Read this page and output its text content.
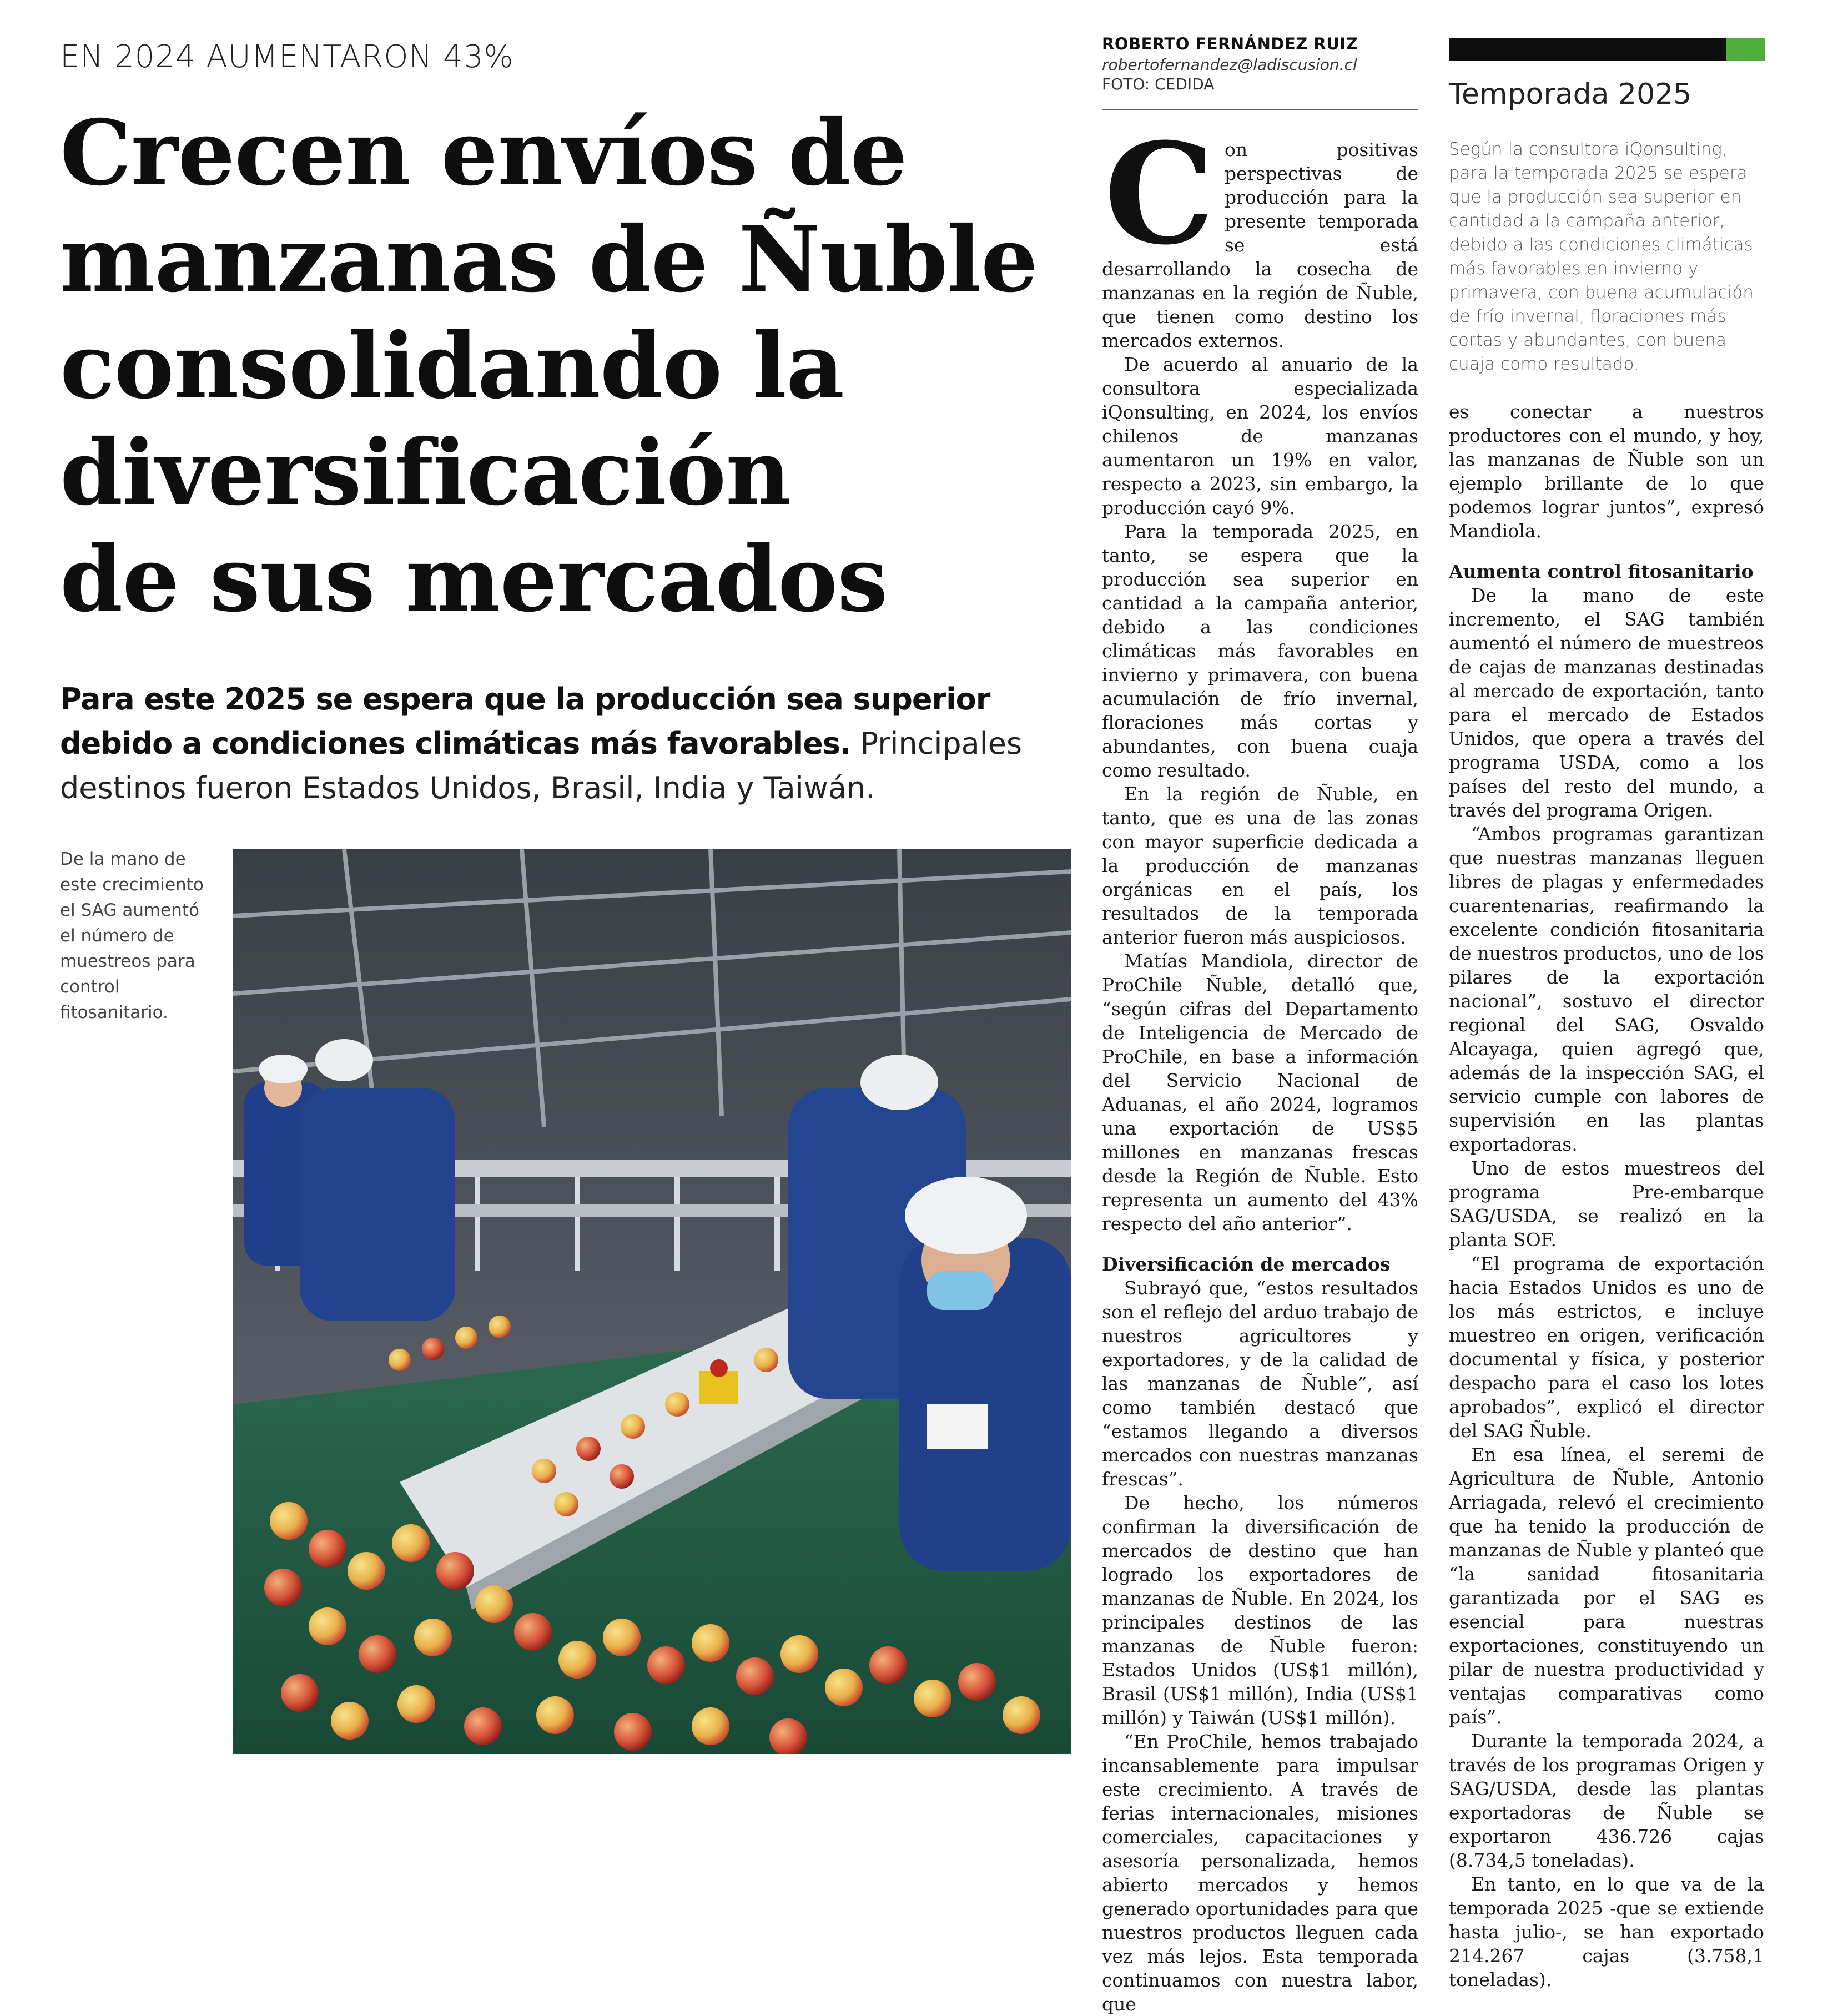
EN 2024 AUMENTARON 43%
Crecen envíos de
manzanas de Ñuble
consolidando la
diversificación
de sus mercados
Para este 2025 se espera que la producción sea superior debido a condiciones climáticas más favorables. Principales destinos fueron Estados Unidos, Brasil, India y Taiwán.
De la mano de este crecimiento el SAG aumentó el número de muestreos para control fitosanitario.
ROBERTO FERNÁNDEZ RUIZ
robertofernandez@ladiscusion.cl
FOTO: CEDIDA
C on positivas perspectivas de producción para la presente temporada se está desarrollando la cosecha de manzanas en la región de Ñuble, que tienen como destino los mercados externos.

De acuerdo al anuario de la consultora especializada iQonsulting, en 2024, los envíos chilenos de manzanas aumentaron un 19% en valor, respecto a 2023, sin embargo, la producción cayó 9%.

Para la temporada 2025, en tanto, se espera que la producción sea superior en cantidad a la campaña anterior, debido a las condiciones climáticas más favorables en invierno y primavera, con buena acumulación de frío invernal, floraciones más cortas y abundantes, con buena cuaja como resultado.

En la región de Ñuble, en tanto, que es una de las zonas con mayor superficie dedicada a la producción de manzanas orgánicas en el país, los resultados de la temporada anterior fueron más auspiciosos.

Matías Mandiola, director de ProChile Ñuble, detalló que, “según cifras del Departamento de Inteligencia de Mercado de ProChile, en base a información del Servicio Nacional de Aduanas, el año 2024, logramos una exportación de US$5 millones en manzanas frescas desde la Región de Ñuble. Esto representa un aumento del 43% respecto del año anterior”.

Diversificación de mercados

Subrayó que, “estos resultados son el reflejo del arduo trabajo de nuestros agricultores y exportadores, y de la calidad de las manzanas de Ñuble”, así como también destacó que “estamos llegando a diversos mercados con nuestras manzanas frescas”.

De hecho, los números confirman la diversificación de mercados de destino que han logrado los exportadores de manzanas de Ñuble. En 2024, los principales destinos de las manzanas de Ñuble fueron: Estados Unidos (US$1 millón), Brasil (US$1 millón), India (US$1 millón) y Taiwán (US$1 millón).

“En ProChile, hemos trabajado incansablemente para impulsar este crecimiento. A través de ferias internacionales, misiones comerciales, capacitaciones y asesoría personalizada, hemos abierto mercados y hemos generado oportunidades para que nuestros productos lleguen cada vez más lejos. Esta temporada continuamos con nuestra labor, que

Temporada 2025
Según la consultora iQonsulting, para la temporada 2025 se espera que la producción sea superior en cantidad a la campaña anterior, debido a las condiciones climáticas más favorables en invierno y primavera, con buena acumulación de frío invernal, floraciones más cortas y abundantes, con buena cuaja como resultado.

es conectar a nuestros productores con el mundo, y hoy, las manzanas de Ñuble son un ejemplo brillante de lo que podemos lograr juntos”, expresó Mandiola.

Aumenta control fitosanitario

De la mano de este incremento, el SAG también aumentó el número de muestreos de cajas de manzanas destinadas al mercado de exportación, tanto para el mercado de Estados Unidos, que opera a través del programa USDA, como a los países del resto del mundo, a través del programa Origen.

“Ambos programas garantizan que nuestras manzanas lleguen libres de plagas y enfermedades cuarentenarias, reafirmando la excelente condición fitosanitaria de nuestros productos, uno de los pilares de la exportación nacional”, sostuvo el director regional del SAG, Osvaldo Alcayaga, quien agregó que, además de la inspección SAG, el servicio cumple con labores de supervisión en las plantas exportadoras.

Uno de estos muestreos del programa Pre-embarque SAG/USDA, se realizó en la planta SOF.

“El programa de exportación hacia Estados Unidos es uno de los más estrictos, e incluye muestreo en origen, verificación documental y física, y posterior despacho para el caso los lotes aprobados”, explicó el director del SAG Ñuble.

En esa línea, el seremi de Agricultura de Ñuble, Antonio Arriagada, relevó el crecimiento que ha tenido la producción de manzanas de Ñuble y planteó que “la sanidad fitosanitaria garantizada por el SAG es esencial para nuestras exportaciones, constituyendo un pilar de nuestra productividad y ventajas comparativas como país”.

Durante la temporada 2024, a través de los programas Origen y SAG/USDA, desde las plantas exportadoras de Ñuble se exportaron 436.726 cajas (8.734,5 toneladas).

En tanto, en lo que va de la temporada 2025 -que se extiende hasta julio-, se han exportado 214.267 cajas (3.758,1 toneladas).
